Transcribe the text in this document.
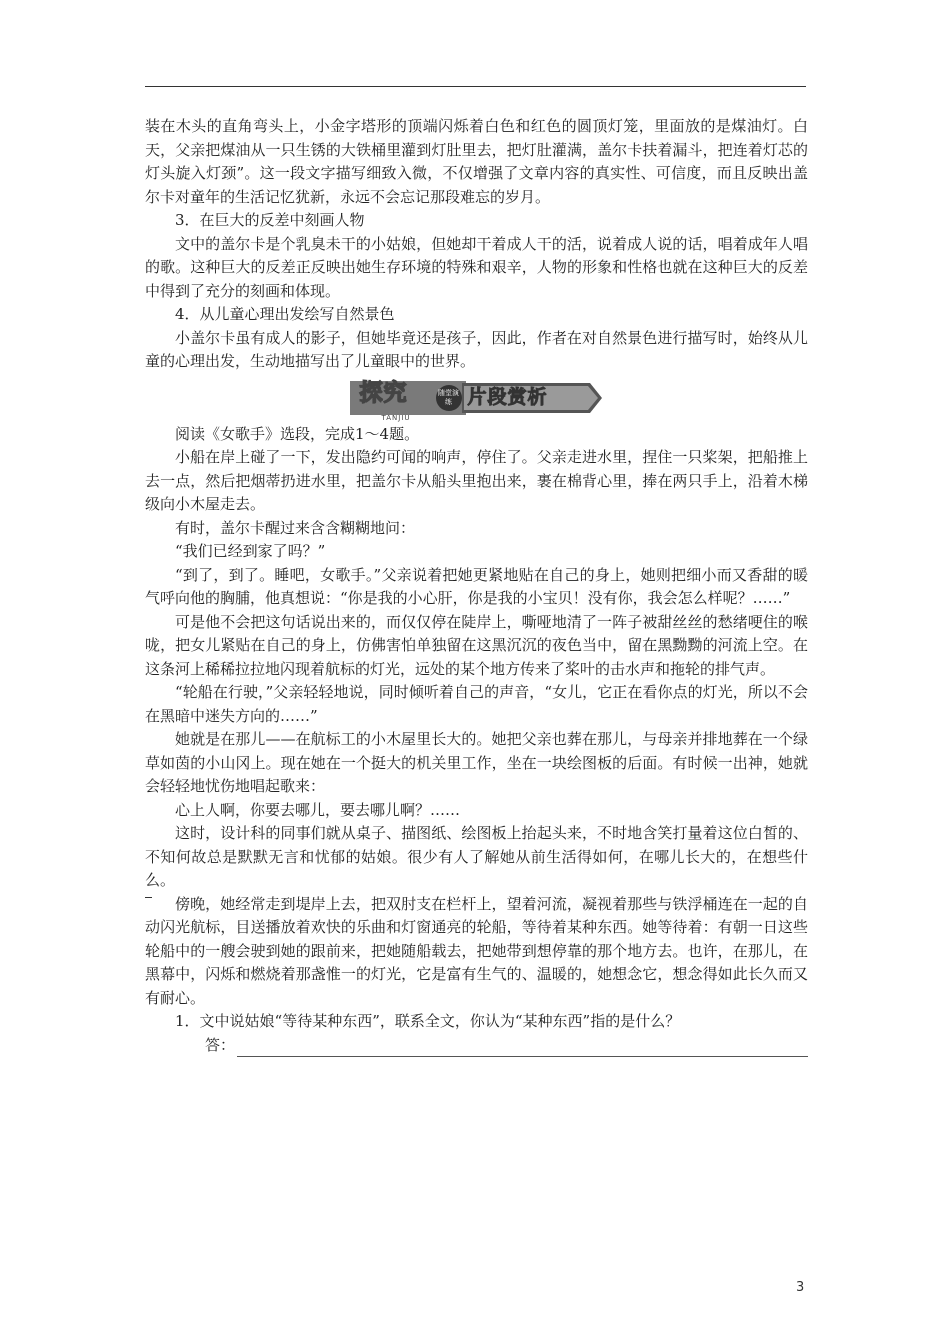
装在木头的直角弯头上，小金字塔形的顶端闪烁着白色和红色的圆顶灯笼，里面放的是煤油灯。白天，父亲把煤油从一只生锈的大铁桶里灌到灯肚里去，把灯肚灌满，盖尔卡扶着漏斗，把连着灯芯的灯头旋入灯颈”。这一段文字描写细致入微，不仅增强了文章内容的真实性、可信度，而且反映出盖尔卡对童年的生活记忆犹新，永远不会忘记那段难忘的岁月。

3．在巨大的反差中刻画人物

文中的盖尔卡是个乳臭未干的小姑娘，但她却干着成人干的活，说着成人说的话，唱着成年人唱的歌。这种巨大的反差正反映出她生存环境的特殊和艰辛，人物的形象和性格也就在这种巨大的反差中得到了充分的刻画和体现。

4．从儿童心理出发绘写自然景色

小盖尔卡虽有成人的影子，但她毕竟还是孩子，因此，作者在对自然景色进行描写时，始终从儿童的心理出发，生动地描写出了儿童眼中的世界。

探究
TANJIU
随堂演练 片段赏析

阅读《女歌手》选段，完成1～4题。

小船在岸上碰了一下，发出隐约可闻的响声，停住了。父亲走进水里，捏住一只桨架，把船推上去一点，然后把烟蒂扔进水里，把盖尔卡从船头里抱出来，裹在棉背心里，捧在两只手上，沿着木梯级向小木屋走去。

有时，盖尔卡醒过来含含糊糊地问：

“我们已经到家了吗？”

“到了，到了。睡吧，女歌手。”父亲说着把她更紧地贴在自己的身上，她则把细小而又香甜的暖气呼向他的胸脯，他真想说：“你是我的小心肝，你是我的小宝贝！没有你，我会怎么样呢？……”

可是他不会把这句话说出来的，而仅仅停在陡岸上，嘶哑地清了一阵子被甜丝丝的愁绪哽住的喉咙，把女儿紧贴在自己的身上，仿佛害怕单独留在这黑沉沉的夜色当中，留在黑黝黝的河流上空。在这条河上稀稀拉拉地闪现着航标的灯光，远处的某个地方传来了桨叶的击水声和拖轮的排气声。

“轮船在行驶，”父亲轻轻地说，同时倾听着自己的声音，“女儿，它正在看你点的灯光，所以不会在黑暗中迷失方向的……”

她就是在那儿——在航标工的小木屋里长大的。她把父亲也葬在那儿，与母亲并排地葬在一个绿草如茵的小山冈上。现在她在一个挺大的机关里工作，坐在一块绘图板的后面。有时候一出神，她就会轻轻地忧伤地唱起歌来：

心上人啊，你要去哪儿，要去哪儿啊？……

这时，设计科的同事们就从桌子、描图纸、绘图板上抬起头来，不时地含笑打量着这位白皙的、不知何故总是默默无言和忧郁的姑娘。很少有人了解她从前生活得如何，在哪儿长大的，在想些什么。

傍晚，她经常走到堤岸上去，把双肘支在栏杆上，望着河流，凝视着那些与铁浮桶连在一起的自动闪光航标，目送播放着欢快的乐曲和灯窗通亮的轮船，等待着某种东西。她等待着：有朝一日这些轮船中的一艘会驶到她的跟前来，把她随船载去，把她带到想停靠的那个地方去。也许，在那儿，在黑幕中，闪烁和燃烧着那盏惟一的灯光，它是富有生气的、温暖的，她想念它，想念得如此长久而又有耐心。

1．文中说姑娘“等待某种东西”，联系全文，你认为“某种东西”指的是什么？

答：
3
